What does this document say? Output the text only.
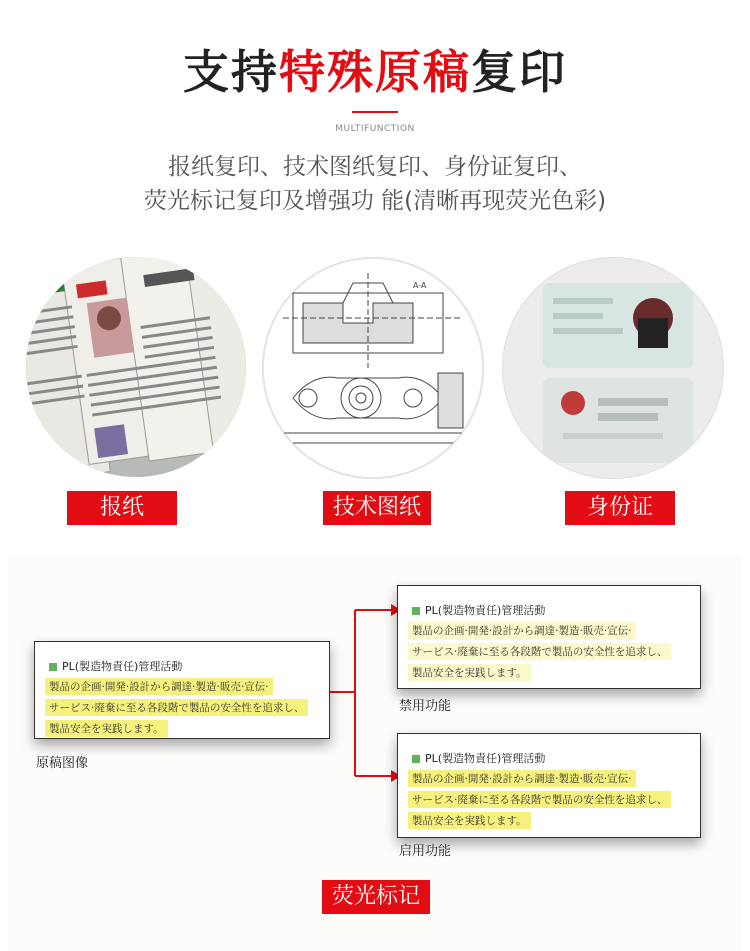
支持特殊原稿复印
MULTIFUNCTION
报纸复印、技术图纸复印、身份证复印、
荧光标记复印及增强功 能(清晰再现荧光色彩)
A-A
报纸	技术图纸	身份证
PL(製造物責任)管理活動
製品の企画·開発·設計から調達·製造·販売·宣伝·
サービス·廃棄に至る各段階で製品の安全性を追求し、
製品安全を実践します。
原稿图像
PL(製造物責任)管理活動
製品の企画·開発·設計から調達·製造·販売·宣伝·
サービス·廃棄に至る各段階で製品の安全性を追求し、
製品安全を実践します。
禁用功能
PL(製造物責任)管理活動
製品の企画·開発·設計から調達·製造·販売·宣伝·
サービス·廃棄に至る各段階で製品の安全性を追求し、
製品安全を実践します。
启用功能
荧光标记
